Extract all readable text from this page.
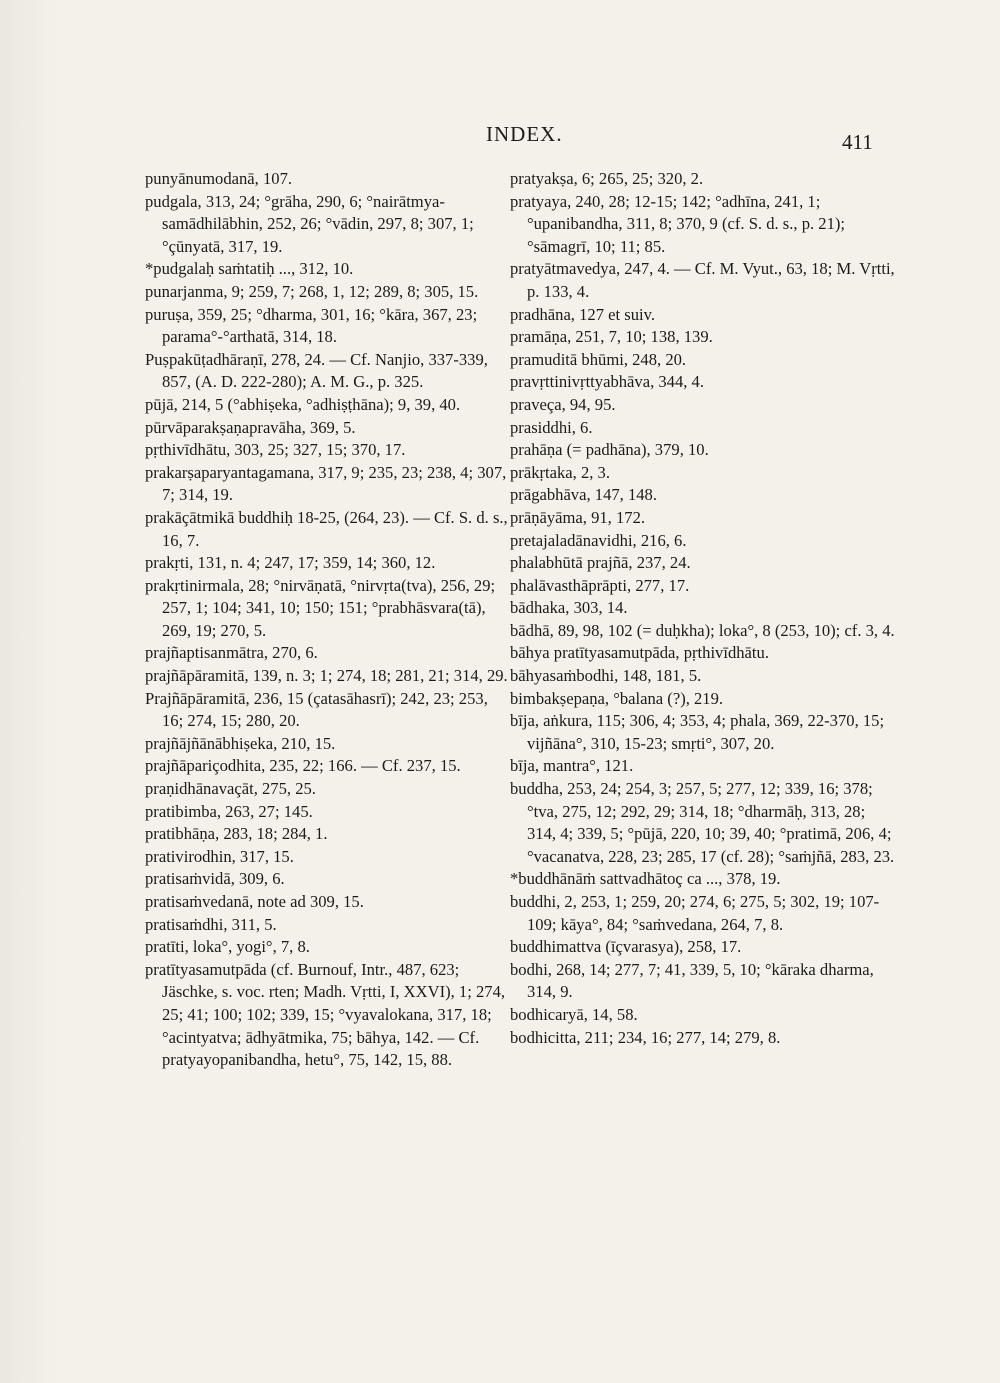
INDEX.	411

punyānumodanā, 107.

pudgala, 313, 24; °grāha, 290, 6; °nairātmya-samādhilābhin, 252, 26; °vādin, 297, 8; 307, 1; °çūnyatā, 317, 19.

*pudgalaḥ saṁtatiḥ ..., 312, 10.

punarjanma, 9; 259, 7; 268, 1, 12; 289, 8; 305, 15.

puruṣa, 359, 25; °dharma, 301, 16; °kāra, 367, 23; parama°-°arthatā, 314, 18.

Puṣpakūṭadhāraṇī, 278, 24. — Cf. Nanjio, 337-339, 857, (A. D. 222-280); A. M. G., p. 325.

pūjā, 214, 5 (°abhiṣeka, °adhiṣṭhāna); 9, 39, 40.

pūrvāparakṣaṇapravāha, 369, 5.

pṛthivīdhātu, 303, 25; 327, 15; 370, 17.

prakarṣaparyantagamana, 317, 9; 235, 23; 238, 4; 307, 7; 314, 19.

prakāçātmikā buddhiḥ 18-25, (264, 23). — Cf. S. d. s., 16, 7.

prakṛti, 131, n. 4; 247, 17; 359, 14; 360, 12.

prakṛtinirmala, 28; °nirvāṇatā, °nirvṛta(tva), 256, 29; 257, 1; 104; 341, 10; 150; 151; °prabhāsvara(tā), 269, 19; 270, 5.

prajñaptisanmātra, 270, 6.

prajñāpāramitā, 139, n. 3; 1; 274, 18; 281, 21; 314, 29.

Prajñāpāramitā, 236, 15 (çatasāhasrī); 242, 23; 253, 16; 274, 15; 280, 20.

prajñājñānābhiṣeka, 210, 15.

prajñāpariçodhita, 235, 22; 166. — Cf. 237, 15.

praṇidhānavaçāt, 275, 25.

pratibimba, 263, 27; 145.

pratibhāṇa, 283, 18; 284, 1.

prativirodhin, 317, 15.

pratisaṁvidā, 309, 6.

pratisaṁvedanā, note ad 309, 15.

pratisaṁdhi, 311, 5.

pratīti, loka°, yogi°, 7, 8.

pratītyasamutpāda (cf. Burnouf, Intr., 487, 623; Jäschke, s. voc. rten; Madh. Vṛtti, I, XXVI), 1; 274, 25; 41; 100; 102; 339, 15; °vyavalokana, 317, 18; °acintyatva; ādhyātmika, 75; bāhya, 142. — Cf. pratyayopanibandha, hetu°, 75, 142, 15, 88.

pratyakṣa, 6; 265, 25; 320, 2.

pratyaya, 240, 28; 12-15; 142; °adhīna, 241, 1; °upanibandha, 311, 8; 370, 9 (cf. S. d. s., p. 21); °sāmagrī, 10; 11; 85.

pratyātmavedya, 247, 4. — Cf. M. Vyut., 63, 18; M. Vṛtti, p. 133, 4.

pradhāna, 127 et suiv.

pramāṇa, 251, 7, 10; 138, 139.

pramuditā bhūmi, 248, 20.

pravṛttinivṛttyabhāva, 344, 4.

praveça, 94, 95.

prasiddhi, 6.

prahāṇa (= padhāna), 379, 10.

prākṛtaka, 2, 3.

prāgabhāva, 147, 148.

prāṇāyāma, 91, 172.

pretajaladānavidhi, 216, 6.

phalabhūtā prajñā, 237, 24.

phalāvasthāprāpti, 277, 17.

bādhaka, 303, 14.

bādhā, 89, 98, 102 (= duḥkha); loka°, 8 (253, 10); cf. 3, 4.

bāhya pratītyasamutpāda, pṛthivīdhātu.

bāhyasaṁbodhi, 148, 181, 5.

bimbakṣepaṇa, °balana (?), 219.

bīja, aṅkura, 115; 306, 4; 353, 4; phala, 369, 22-370, 15; vijñāna°, 310, 15-23; smṛti°, 307, 20.

bīja, mantra°, 121.

buddha, 253, 24; 254, 3; 257, 5; 277, 12; 339, 16; 378; °tva, 275, 12; 292, 29; 314, 18; °dharmāḥ, 313, 28; 314, 4; 339, 5; °pūjā, 220, 10; 39, 40; °pratimā, 206, 4; °vacanatva, 228, 23; 285, 17 (cf. 28); °saṁjñā, 283, 23.

*buddhānāṁ sattvadhātoç ca ..., 378, 19.

buddhi, 2, 253, 1; 259, 20; 274, 6; 275, 5; 302, 19; 107-109; kāya°, 84; °saṁvedana, 264, 7, 8.

buddhimattva (īçvarasya), 258, 17.

bodhi, 268, 14; 277, 7; 41, 339, 5, 10; °kāraka dharma, 314, 9.

bodhicaryā, 14, 58.

bodhicitta, 211; 234, 16; 277, 14; 279, 8.
